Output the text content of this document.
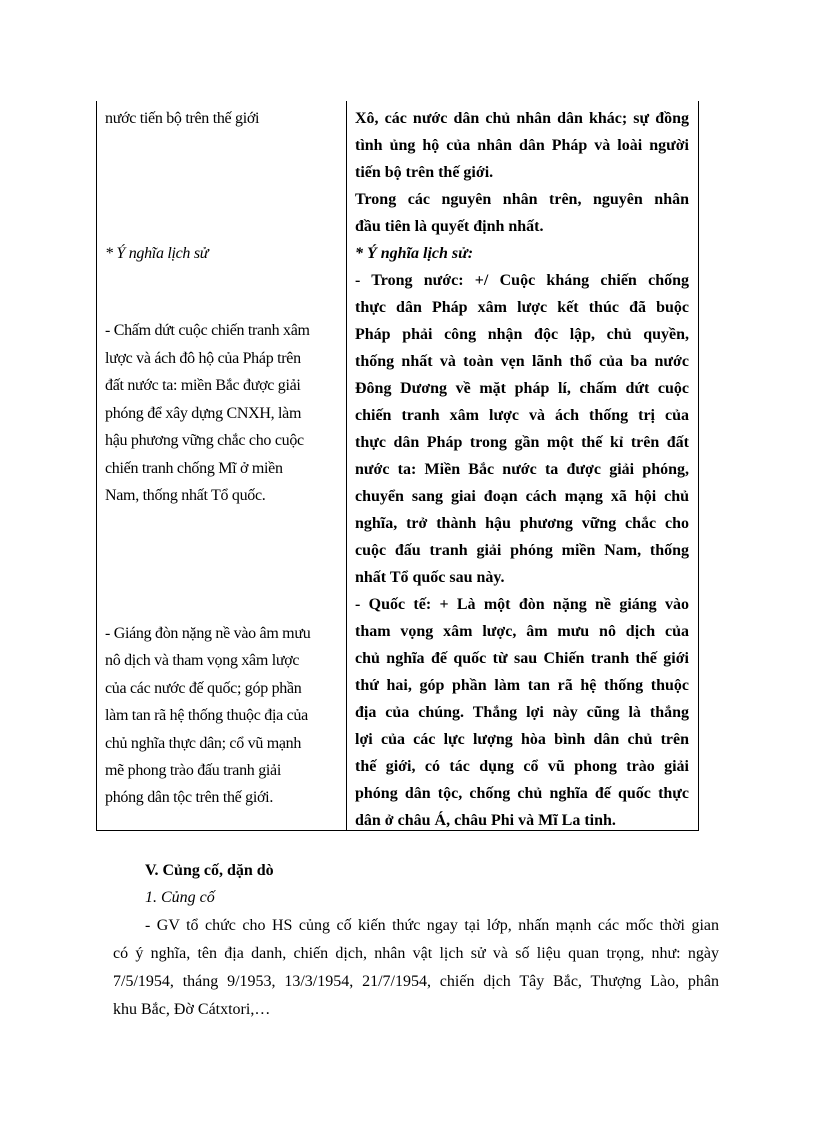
nước tiến bộ trên thế giới
* Ý nghĩa lịch sử
- Chấm dứt cuộc chiến tranh xâm
lược và ách đô hộ của Pháp trên
đất nước ta: miền Bắc được giải
phóng để xây dựng CNXH, làm
hậu phương vững chắc cho cuộc
chiến tranh chống Mĩ ở miền
Nam, thống nhất Tổ quốc.
- Giáng đòn nặng nề vào âm mưu
nô dịch và tham vọng xâm lược
của các nước đế quốc; góp phần
làm tan rã hệ thống thuộc địa của
chủ nghĩa thực dân; cổ vũ mạnh
mẽ phong trào đấu tranh giải
phóng dân tộc trên thế giới.
Xô, các nước dân chủ nhân dân khác; sự đồng
tình ủng hộ của nhân dân Pháp và loài người
tiến bộ trên thế giới.
Trong các nguyên nhân trên, nguyên nhân
đầu tiên là quyết định nhất.
* Ý nghĩa lịch sử:
- Trong nước: +/ Cuộc kháng chiến chống
thực dân Pháp xâm lược kết thúc đã buộc
Pháp phải công nhận độc lập, chủ quyền,
thống nhất và toàn vẹn lãnh thổ của ba nước
Đông Dương về mặt pháp lí, chấm dứt cuộc
chiến tranh xâm lược và ách thống trị của
thực dân Pháp trong gần một thế kỉ trên đất
nước ta: Miền Bắc nước ta được giải phóng,
chuyển sang giai đoạn cách mạng xã hội chủ
nghĩa, trở thành hậu phương vững chắc cho
cuộc đấu tranh giải phóng miền Nam, thống
nhất Tổ quốc sau này.
- Quốc tế: + Là một đòn nặng nề giáng vào
tham vọng xâm lược, âm mưu nô dịch của
chủ nghĩa đế quốc từ sau Chiến tranh thế giới
thứ hai, góp phần làm tan rã hệ thống thuộc
địa của chúng. Thắng lợi này cũng là thắng
lợi của các lực lượng hòa bình dân chủ trên
thế giới, có tác dụng cổ vũ phong trào giải
phóng dân tộc, chống chủ nghĩa đế quốc thực
dân ở châu Á, châu Phi và Mĩ La tinh.
V. Củng cố, dặn dò
1. Củng cố
- GV tổ chức cho HS củng cố kiến thức ngay tại lớp, nhấn mạnh các mốc thời gian
có ý nghĩa, tên địa danh, chiến dịch, nhân vật lịch sử và số liệu quan trọng, như: ngày
7/5/1954, tháng 9/1953, 13/3/1954, 21/7/1954, chiến dịch Tây Bắc, Thượng Lào, phân
khu Bắc, Đờ Cátxtori,…
